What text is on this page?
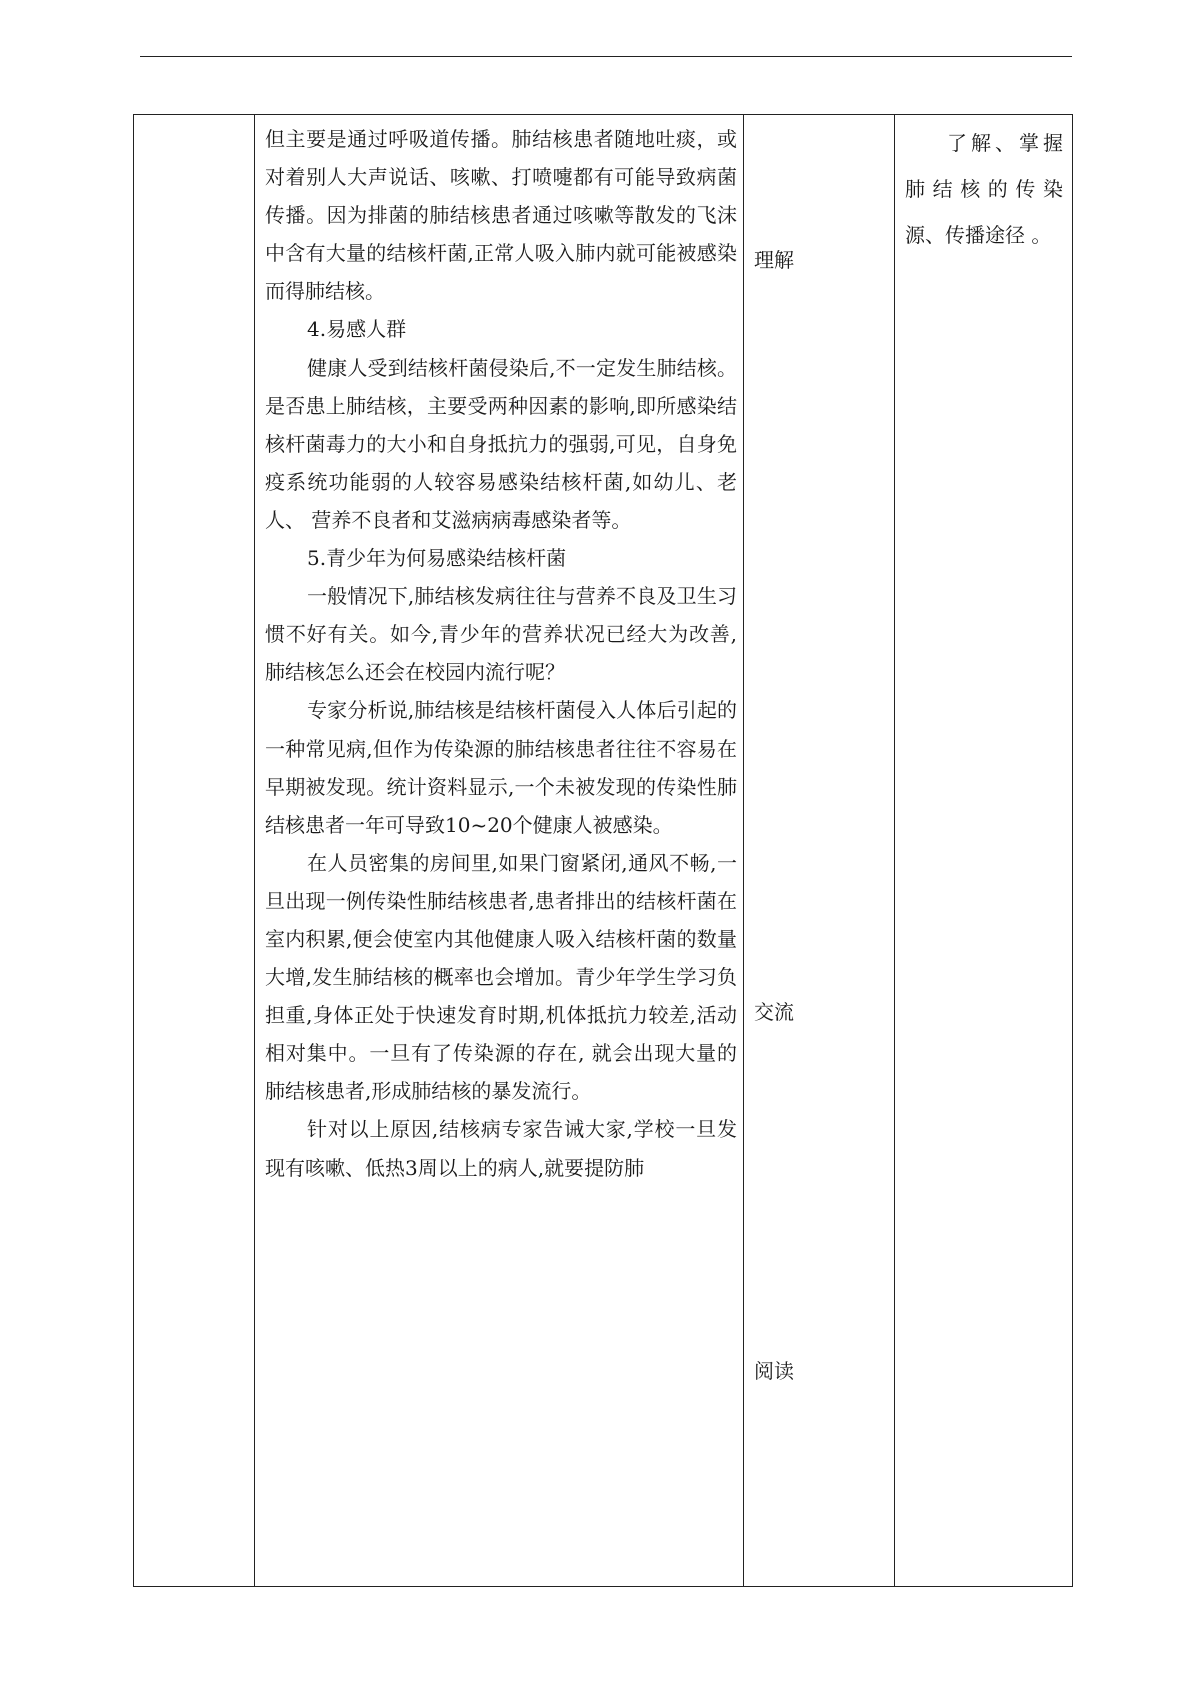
但主要是通过呼吸道传播。肺结核患者随地吐痰，或对着别人大声说话、咳嗽、打喷嚏都有可能导致病菌传播。因为排菌的肺结核患者通过咳嗽等散发的飞沫中含有大量的结核杆菌,正常人吸入肺内就可能被感染而得肺结核。

4.易感人群

健康人受到结核杆菌侵染后,不一定发生肺结核。是否患上肺结核，主要受两种因素的影响,即所感染结核杆菌毒力的大小和自身抵抗力的强弱,可见，自身免疫系统功能弱的人较容易感染结核杆菌,如幼儿、老人、 营养不良者和艾滋病病毒感染者等。

5.青少年为何易感染结核杆菌

一般情况下,肺结核发病往往与营养不良及卫生习惯不好有关。如今,青少年的营养状况已经大为改善,肺结核怎么还会在校园内流行呢？

专家分析说,肺结核是结核杆菌侵入人体后引起的一种常见病,但作为传染源的肺结核患者往往不容易在早期被发现。统计资料显示,一个未被发现的传染性肺结核患者一年可导致10~20个健康人被感染。

在人员密集的房间里,如果门窗紧闭,通风不畅,一旦出现一例传染性肺结核患者,患者排出的结核杆菌在室内积累,便会使室内其他健康人吸入结核杆菌的数量大增,发生肺结核的概率也会增加。青少年学生学习负担重,身体正处于快速发育时期,机体抵抗力较差,活动相对集中。一旦有了传染源的存在, 就会出现大量的肺结核患者,形成肺结核的暴发流行。

针对以上原因,结核病专家告诫大家,学校一旦发现有咳嗽、低热3周以上的病人,就要提防肺

理解
交流
阅读

了解、掌握肺结核的传染源、传播途径 。
